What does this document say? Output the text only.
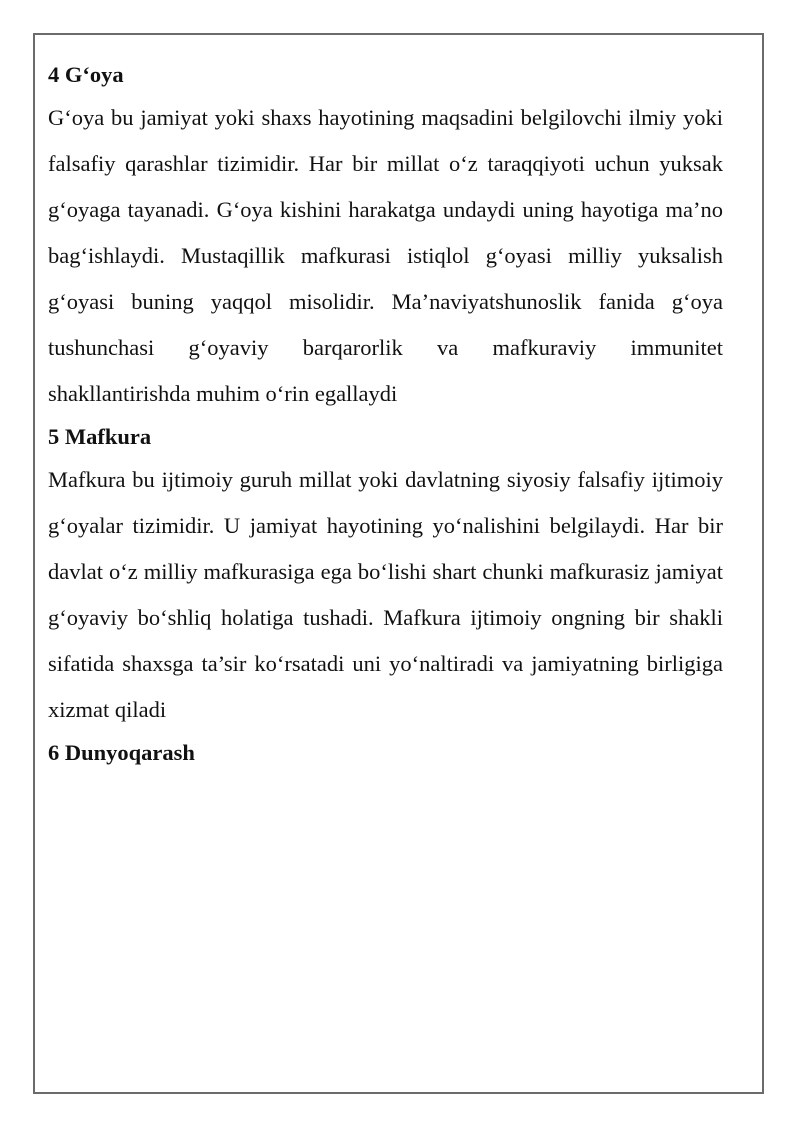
4 G‘oya

G‘oya bu jamiyat yoki shaxs hayotining maqsadini belgilovchi ilmiy yoki falsafiy qarashlar tizimidir. Har bir millat o‘z taraqqiyoti uchun yuksak g‘oyaga tayanadi. G‘oya kishini harakatga undaydi uning hayotiga ma’no bag‘ishlaydi. Mustaqillik mafkurasi istiqlol g‘oyasi milliy yuksalish g‘oyasi buning yaqqol misolidir. Ma’naviyatshunoslik fanida g‘oya tushunchasi g‘oyaviy barqarorlik va mafkuraviy immunitet shakllantirishda muhim o‘rin egallaydi

5 Mafkura

Mafkura bu ijtimoiy guruh millat yoki davlatning siyosiy falsafiy ijtimoiy g‘oyalar tizimidir. U jamiyat hayotining yo‘nalishini belgilaydi. Har bir davlat o‘z milliy mafkurasiga ega bo‘lishi shart chunki mafkurasiz jamiyat g‘oyaviy bo‘shliq holatiga tushadi. Mafkura ijtimoiy ongning bir shakli sifatida shaxsga ta’sir ko‘rsatadi uni yo‘naltiradi va jamiyatning birligiga xizmat qiladi

6 Dunyoqarash
